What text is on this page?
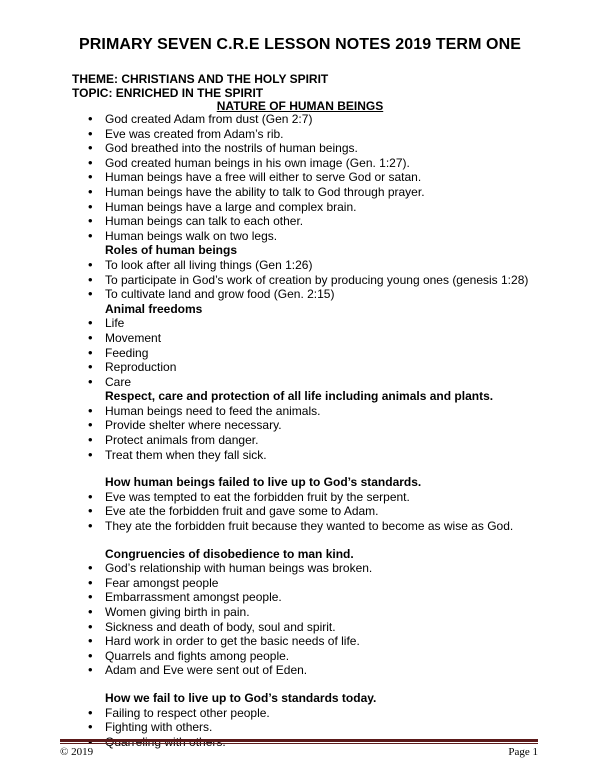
PRIMARY SEVEN C.R.E LESSON NOTES 2019 TERM ONE
THEME: CHRISTIANS AND THE HOLY SPIRIT
TOPIC: ENRICHED IN THE SPIRIT
NATURE OF HUMAN BEINGS
• God created Adam from dust (Gen 2:7)
• Eve was created from Adam’s rib.
• God breathed into the nostrils of human beings.
• God created human beings in his own image (Gen. 1:27).
• Human beings have a free will either to serve God or satan.
• Human beings have the ability to talk to God through prayer.
• Human beings have a large and complex brain.
• Human beings can talk to each other.
• Human beings walk on two legs.
Roles of human beings
• To look after all living things (Gen 1:26)
• To participate in God’s work of creation by producing young ones (genesis 1:28)
• To cultivate land and grow food (Gen. 2:15)
Animal freedoms
• Life
• Movement
• Feeding
• Reproduction
• Care
Respect, care and protection of all life including animals and plants.
• Human beings need to feed the animals.
• Provide shelter where necessary.
• Protect animals from danger.
• Treat them when they fall sick.
How human beings failed to live up to God’s standards.
• Eve was tempted to eat the forbidden fruit by the serpent.
• Eve ate the forbidden fruit and gave some to Adam.
• They ate the forbidden fruit because they wanted to become as wise as God.
Congruencies of disobedience to man kind.
• God’s relationship with human beings was broken.
• Fear amongst people
• Embarrassment amongst people.
• Women giving birth in pain.
• Sickness and death of body, soul and spirit.
• Hard work in order to get the basic needs of life.
• Quarrels and fights among people.
• Adam and Eve were sent out of Eden.
How we fail to live up to God’s standards today.
• Failing to respect other people.
• Fighting with others.
•
© 2019	Page 1
